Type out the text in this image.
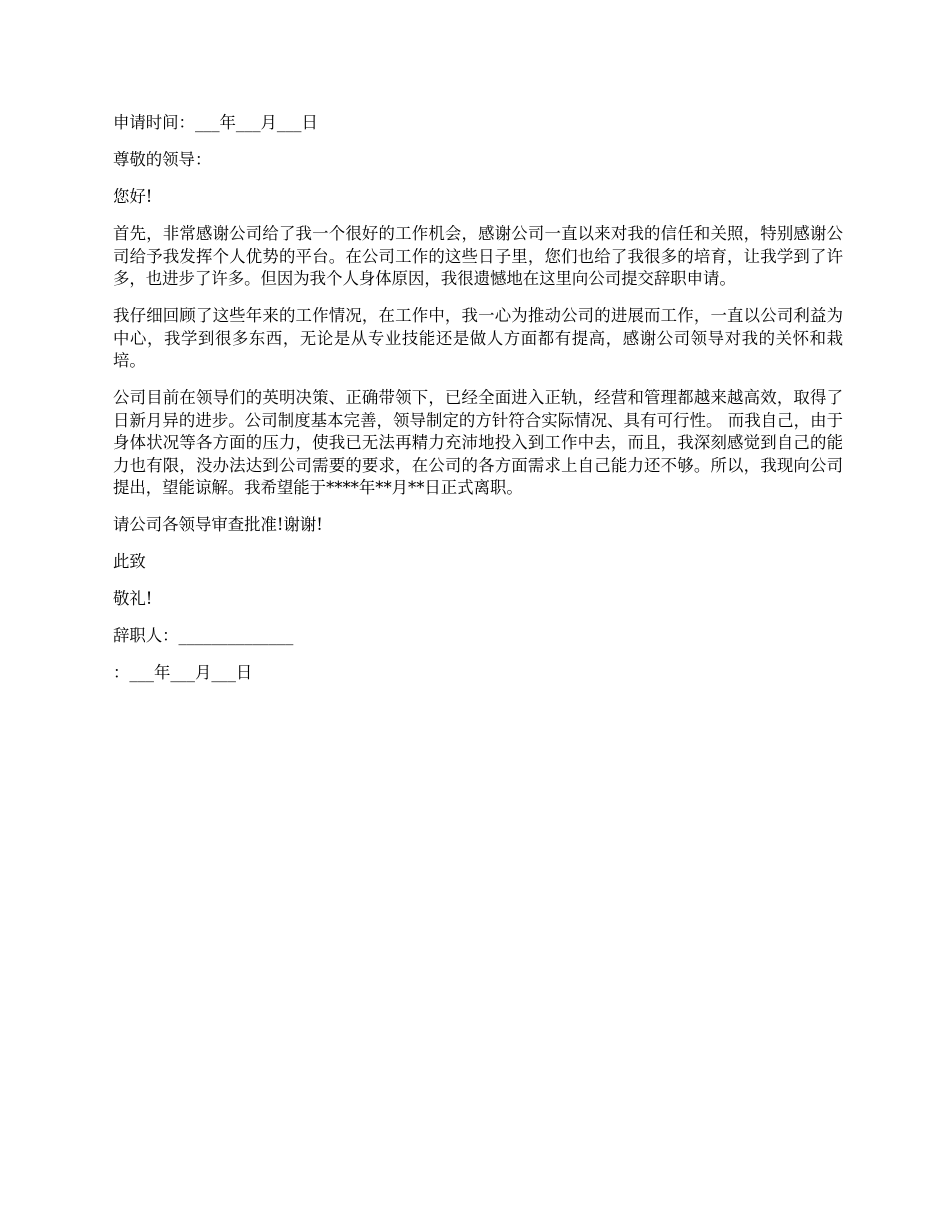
申请时间：___年___月___日

尊敬的领导：

您好!

首先，非常感谢公司给了我一个很好的工作机会，感谢公司一直以来对我的信任和关照，特别感谢公司给予我发挥个人优势的平台。在公司工作的这些日子里，您们也给了我很多的培育，让我学到了许多，也进步了许多。但因为我个人身体原因，我很遗憾地在这里向公司提交辞职申请。

我仔细回顾了这些年来的工作情况，在工作中，我一心为推动公司的进展而工作，一直以公司利益为中心，我学到很多东西，无论是从专业技能还是做人方面都有提高，感谢公司领导对我的关怀和栽培。

公司目前在领导们的英明决策、正确带领下，已经全面进入正轨，经营和管理都越来越高效，取得了日新月异的进步。公司制度基本完善，领导制定的方针符合实际情况、具有可行性。 而我自己，由于身体状况等各方面的压力，使我已无法再精力充沛地投入到工作中去，而且，我深刻感觉到自己的能力也有限，没办法达到公司需要的要求，在公司的各方面需求上自己能力还不够。所以，我现向公司提出，望能谅解。我希望能于****年**月**日正式离职。

请公司各领导审查批准!谢谢!

此致

敬礼!

辞职人：______________

：___年___月___日
